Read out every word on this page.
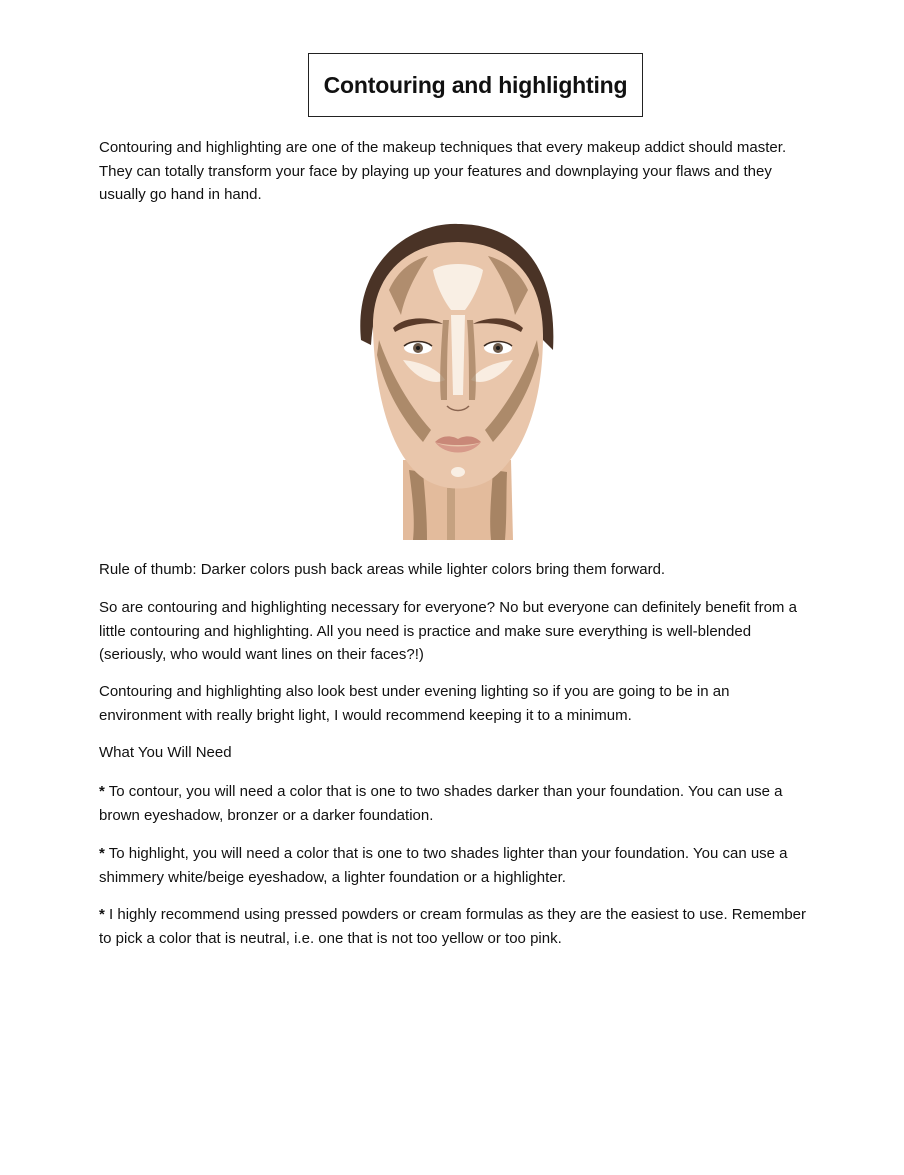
Contouring and highlighting

Contouring and highlighting are one of the makeup techniques that every makeup addict should master. They can totally transform your face by playing up your features and downplaying your flaws and they usually go hand in hand.

Rule of thumb: Darker colors push back areas while lighter colors bring them forward.

So are contouring and highlighting necessary for everyone? No but everyone can definitely benefit from a little contouring and highlighting. All you need is practice and make sure everything is well-blended (seriously, who would want lines on their faces?!)

Contouring and highlighting also look best under evening lighting so if you are going to be in an environment with really bright light, I would recommend keeping it to a minimum.

What You Will Need

* To contour, you will need a color that is one to two shades darker than your foundation. You can use a brown eyeshadow, bronzer or a darker foundation.

* To highlight, you will need a color that is one to two shades lighter than your foundation. You can use a shimmery white/beige eyeshadow, a lighter foundation or a highlighter.

* I highly recommend using pressed powders or cream formulas as they are the easiest to use. Remember to pick a color that is neutral, i.e. one that is not too yellow or too pink.
